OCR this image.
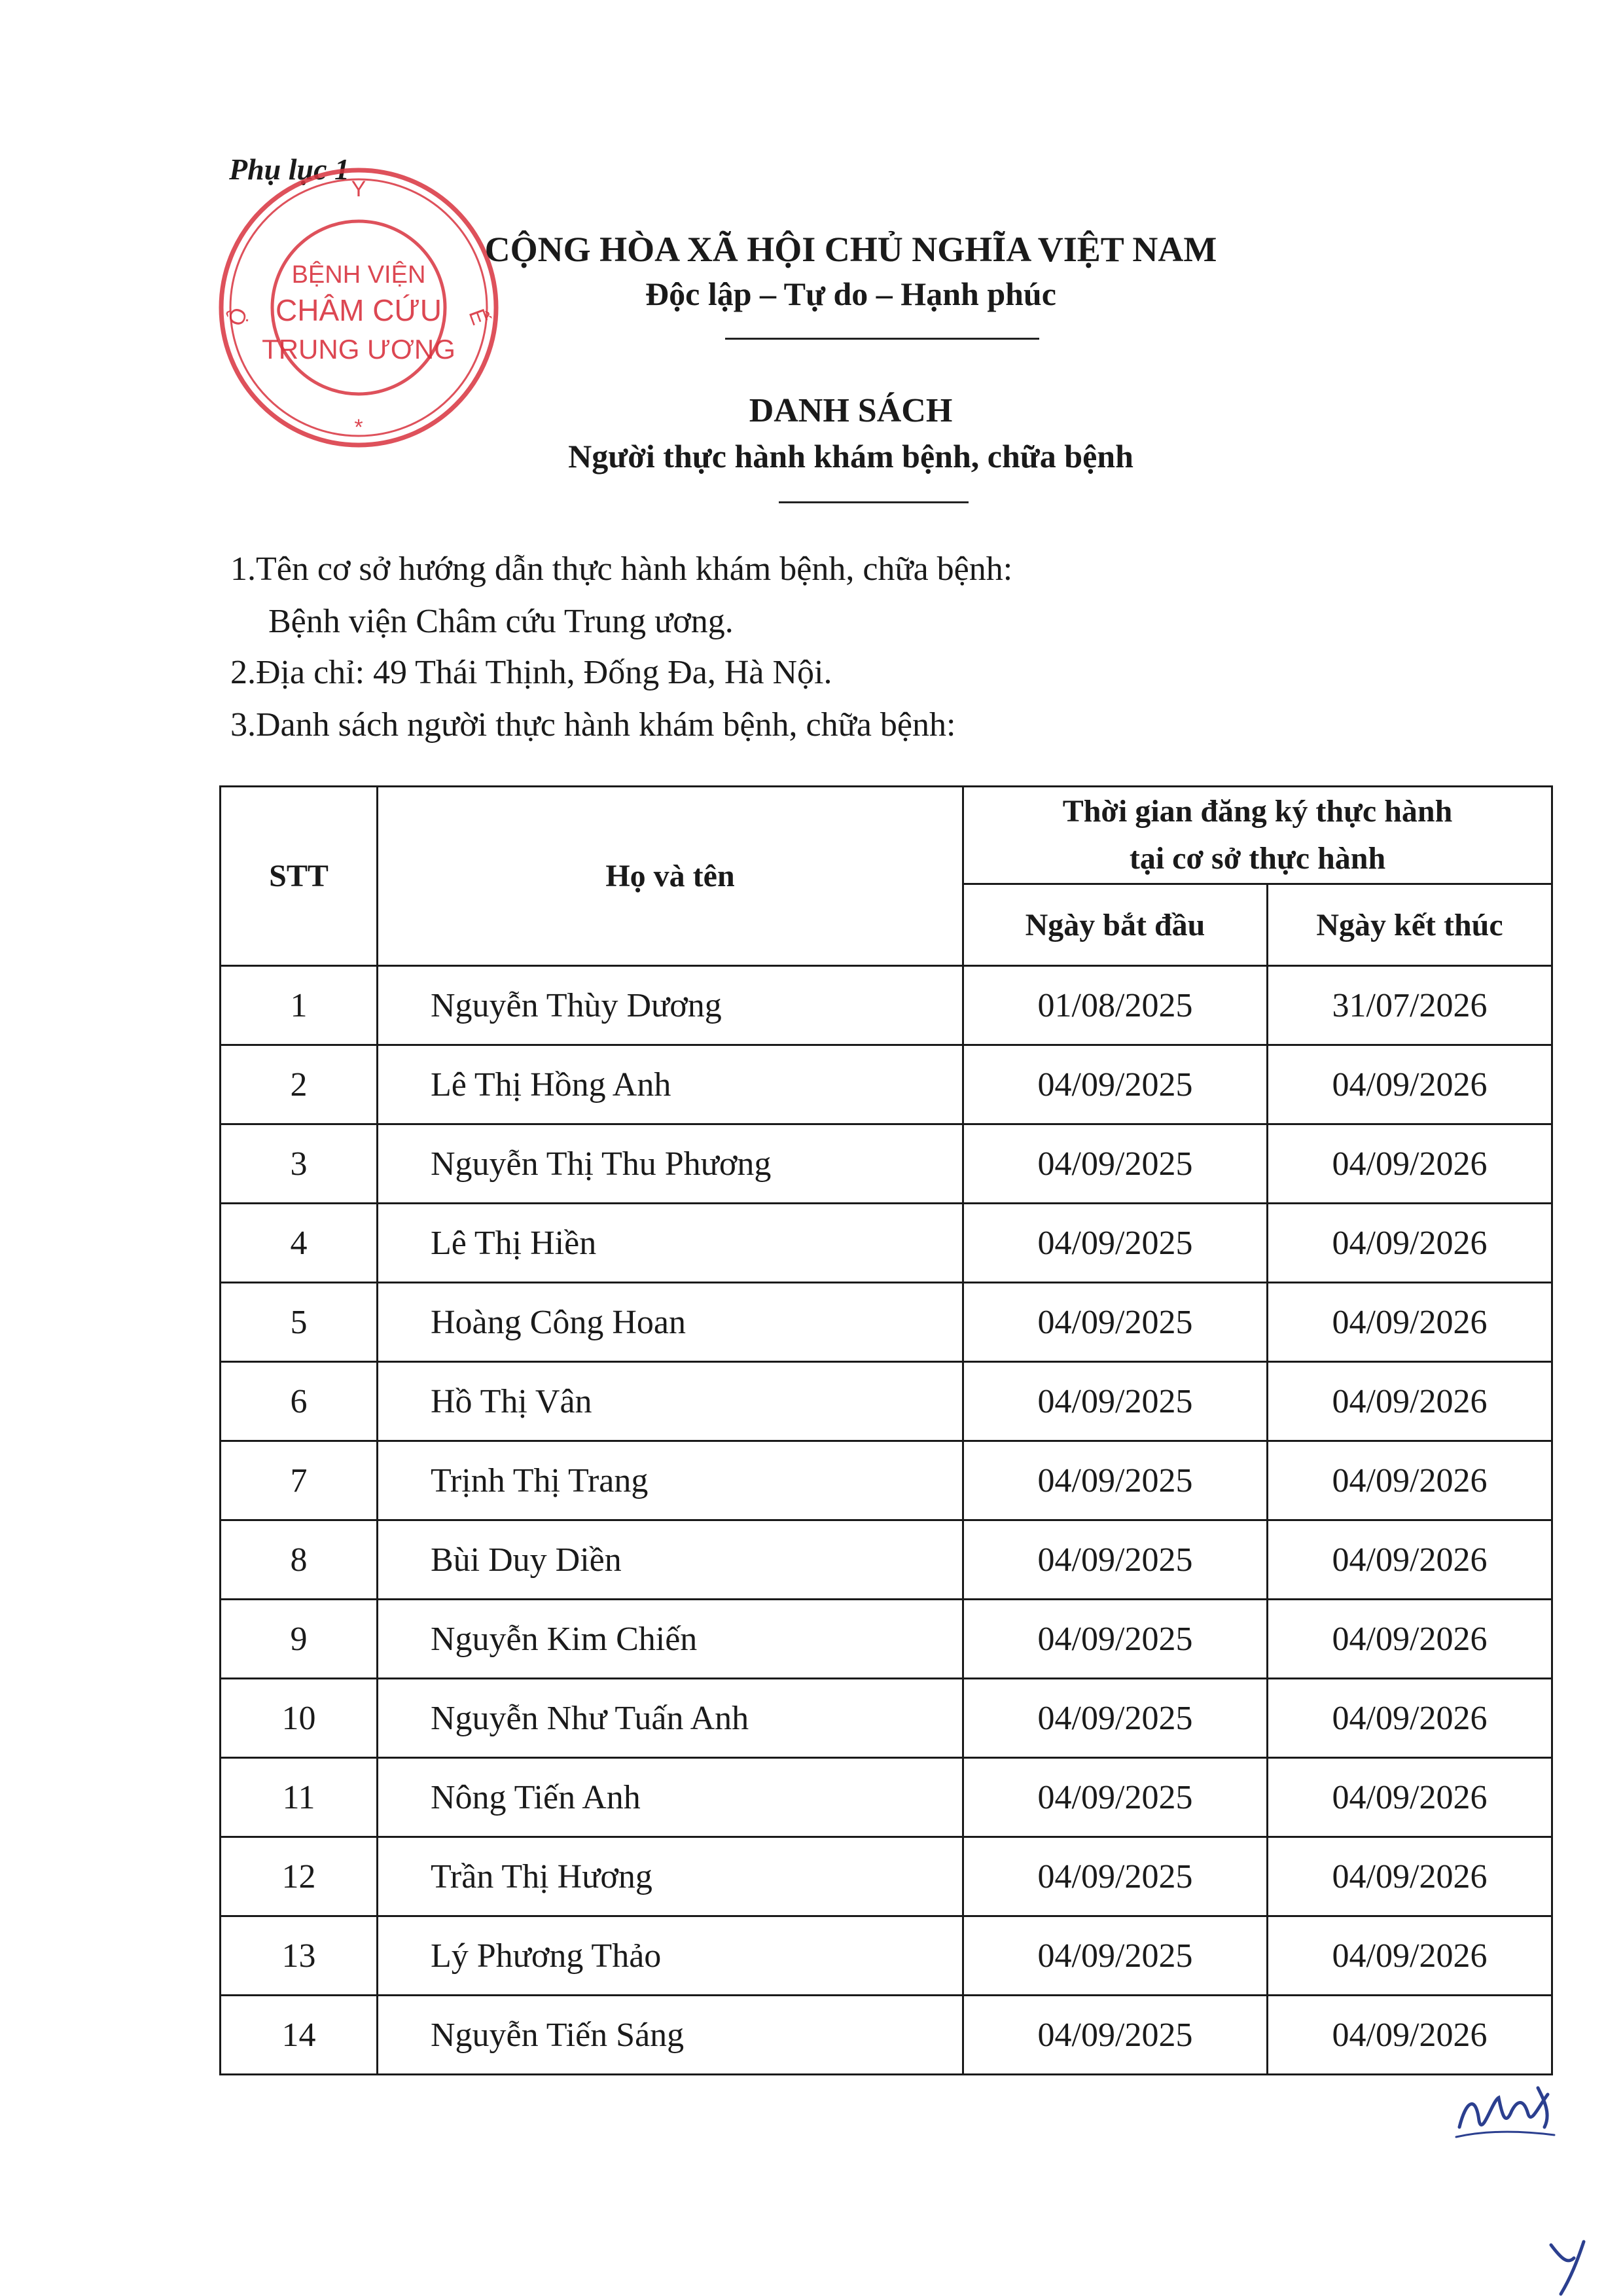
Phụ lục 1
Y
Ộ	Ế
*
BỆNH VIỆN
CHÂM CỨU
TRUNG ƯƠNG
CỘNG HÒA XÃ HỘI CHỦ NGHĨA VIỆT NAM
Độc lập – Tự do – Hạnh phúc
DANH SÁCH
Người thực hành khám bệnh, chữa bệnh
1.Tên cơ sở hướng dẫn thực hành khám bệnh, chữa bệnh:
Bệnh viện Châm cứu Trung ương.
2.Địa chỉ: 49 Thái Thịnh, Đống Đa, Hà Nội.
3.Danh sách người thực hành khám bệnh, chữa bệnh:
STT	Họ và tên	Thời gian đăng ký thực hành
tại cơ sở thực hành	

		Ngày bắt đầu	Ngày kết thúc
1	Nguyễn Thùy Dương	01/08/2025	31/07/2026
2	Lê Thị Hồng Anh	04/09/2025	04/09/2026
3	Nguyễn Thị Thu Phương	04/09/2025	04/09/2026
4	Lê Thị Hiền	04/09/2025	04/09/2026
5	Hoàng Công Hoan	04/09/2025	04/09/2026
6	Hồ Thị Vân	04/09/2025	04/09/2026
7	Trịnh Thị Trang	04/09/2025	04/09/2026
8	Bùi Duy Diền	04/09/2025	04/09/2026
9	Nguyễn Kim Chiến	04/09/2025	04/09/2026
10	Nguyễn Như Tuấn Anh	04/09/2025	04/09/2026
11	Nông Tiến Anh	04/09/2025	04/09/2026
12	Trần Thị Hương	04/09/2025	04/09/2026
13	Lý Phương Thảo	04/09/2025	04/09/2026
14	Nguyễn Tiến Sáng	04/09/2025	04/09/2026
